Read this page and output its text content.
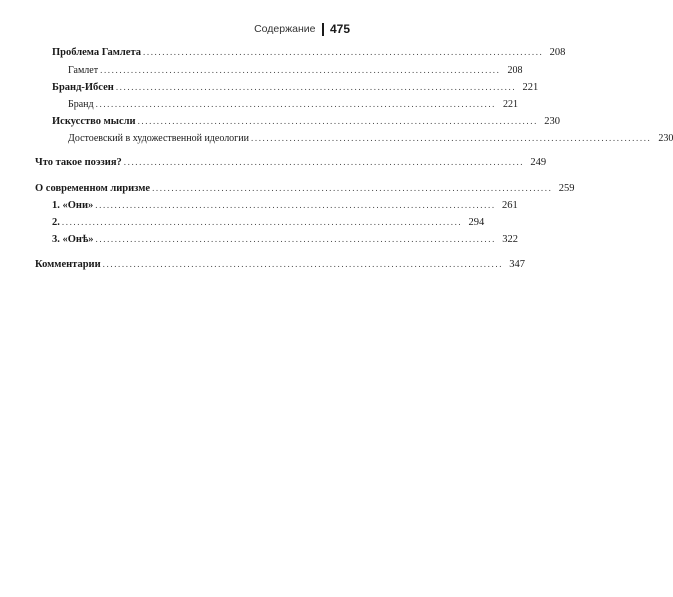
Содержание 475
Проблема Гамлета ........................................................................................................ 208
Гамлет ........................................................................................................ 208
Бранд-Ибсен ........................................................................................................ 221
Бранд ........................................................................................................ 221
Искусство мысли ........................................................................................................ 230
Достоевский в художественной идеологии ........................................................................................................ 230
Что такое поэзия? ........................................................................................................ 249
О современном лиризме ........................................................................................................ 259
1. «Они» ........................................................................................................ 261
2. ........................................................................................................ 294
3. «Онѣ» ........................................................................................................ 322
Комментарии ........................................................................................................ 347
